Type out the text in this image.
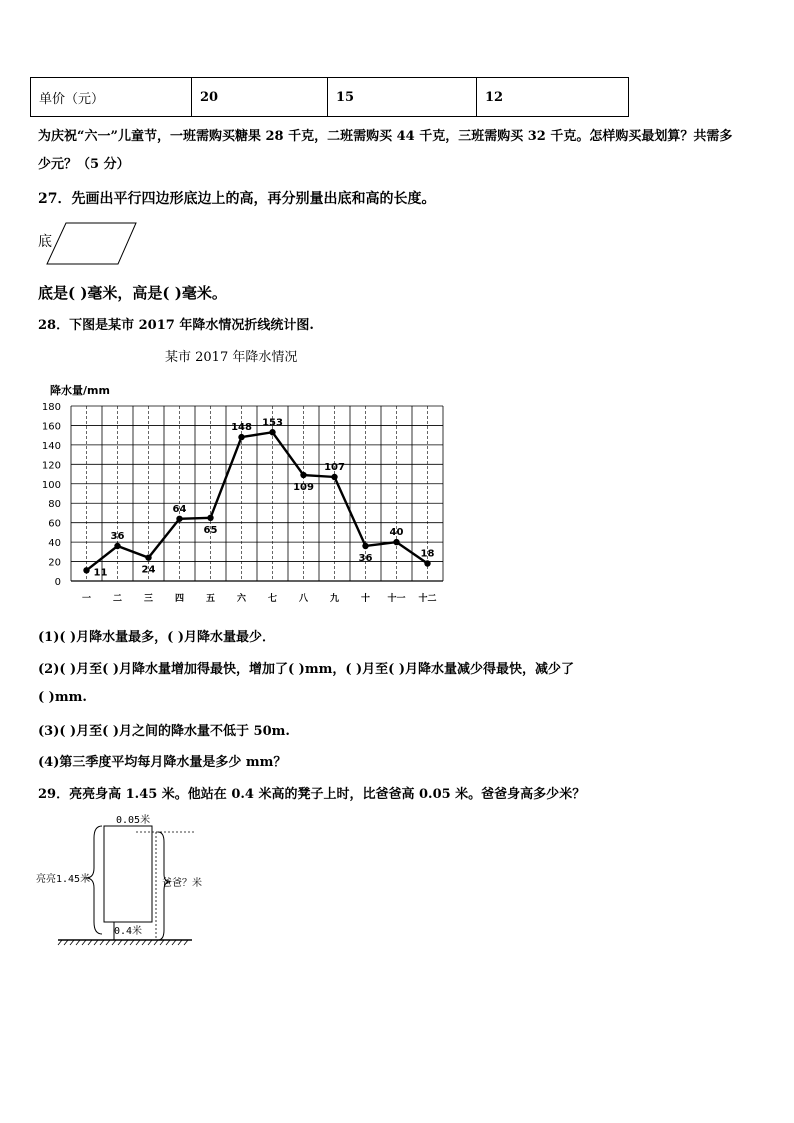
单价（元）	20	15	12
为庆祝“六一”儿童节，一班需购买糖果 28 千克，二班需购买 44 千克，三班需购买 32 千克。怎样购买最划算？共需多
少元？（5 分）
27．先画出平行四边形底边上的高，再分别量出底和高的长度。
底
底是( )毫米，高是( )毫米。
28．下图是某市 2017 年降水情况折线统计图.
某市 2017 年降水情况
降水量/mm
0
20
40
60
80
100
120
140
160
180
一 二 三 四 五 六 七 八 九 十 十一 十二
11
36
24
64
65
148 153
109
107
36
40
18
(1)( )月降水量最多，( )月降水量最少．
(2)( )月至( )月降水量增加得最快，增加了( )mm，( )月至( )月降水量减少得最快，减少了
( )mm.
(3)( )月至( )月之间的降水量不低于 50m.
(4)第三季度平均每月降水量是多少 mm？
29．亮亮身高 1.45 米。他站在 0.4 米高的凳子上时，比爸爸高 0.05 米。爸爸身高多少米？
0.05米
亮亮1.45米	爸爸？米
0.4米
